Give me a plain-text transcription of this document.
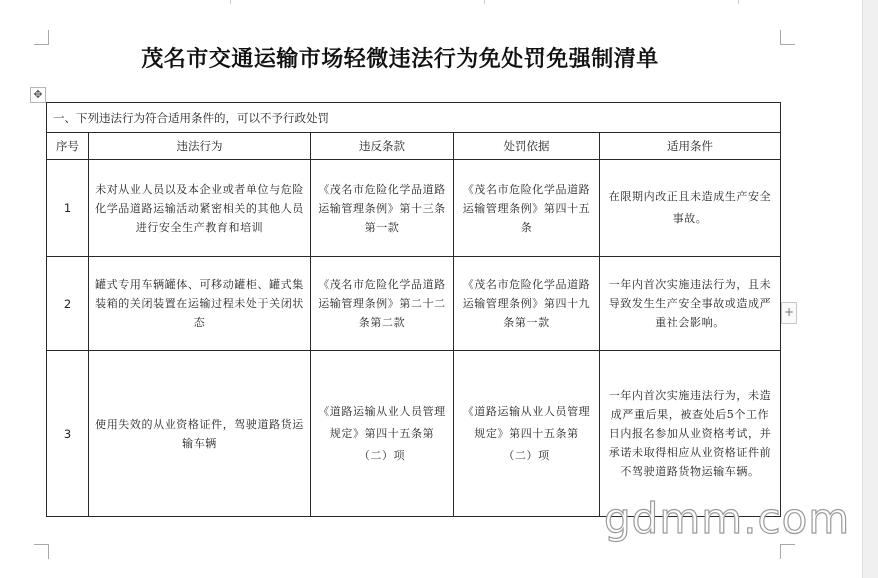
茂名市交通运输市场轻微违法行为免处罚免强制清单
✥
一、下列违法行为符合适用条件的，可以不予行政处罚				
序号	违法行为	违反条款	处罚依据	适用条件
1	未对从业人员以及本企业或者单位与危险化学品道路运输活动紧密相关的其他人员进行安全生产教育和培训	《茂名市危险化学品道路运输管理条例》第十三条第一款	《茂名市危险化学品道路运输管理条例》第四十五条	在限期内改正且未造成生产安全事故。
2	罐式专用车辆罐体、可移动罐柜、罐式集装箱的关闭装置在运输过程未处于关闭状态	《茂名市危险化学品道路运输管理条例》第二十二条第二款	《茂名市危险化学品道路运输管理条例》第四十九条第一款	一年内首次实施违法行为，且未导致发生生产安全事故或造成严重社会影响。
3	使用失效的从业资格证件，驾驶道路货运输车辆	《道路运输从业人员管理规定》第四十五条第（二）项	《道路运输从业人员管理规定》第四十五条第（二）项	一年内首次实施违法行为，未造成严重后果，被查处后5个工作日内报名参加从业资格考试，并承诺未取得相应从业资格证件前不驾驶道路货物运输车辆。
+
gdmm.com
